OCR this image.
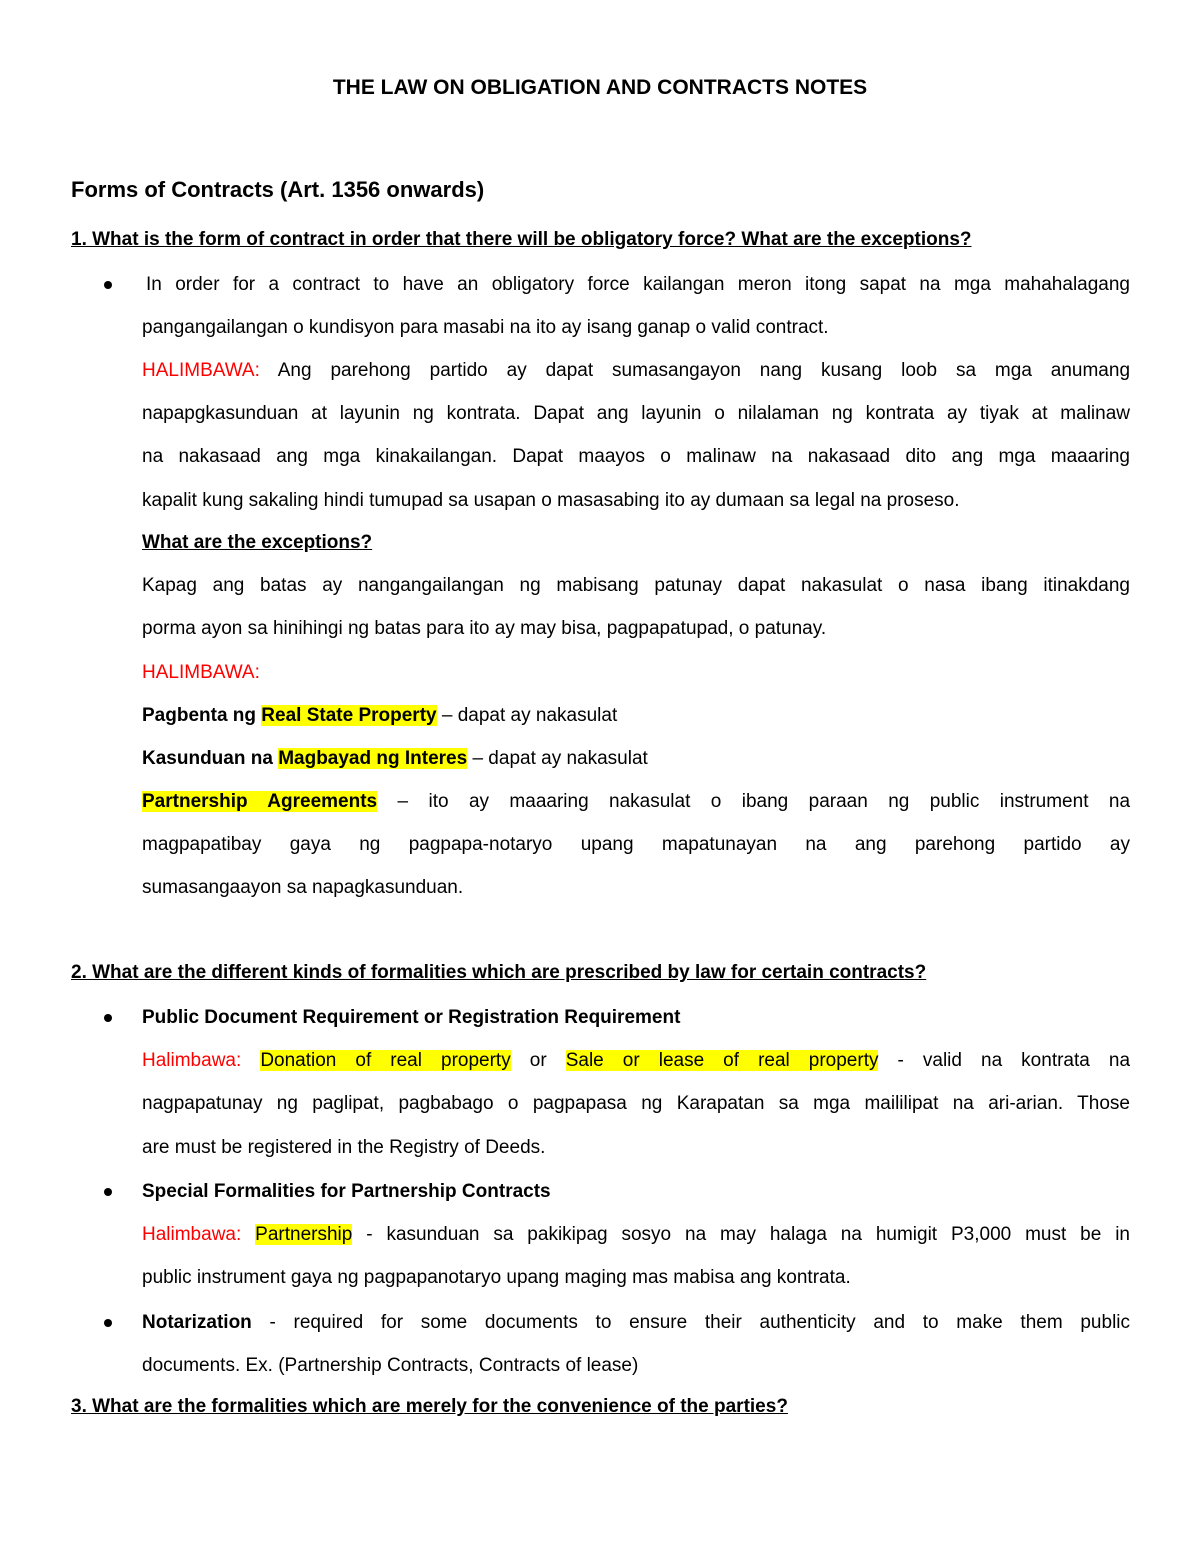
THE LAW ON OBLIGATION AND CONTRACTS NOTES
Forms of Contracts (Art. 1356 onwards)
1. What is the form of contract in order that there will be obligatory force? What are the exceptions?
In order for a contract to have an obligatory force kailangan meron itong sapat na mga mahahalagang
pangangailangan o kundisyon para masabi na ito ay isang ganap o valid contract.
HALIMBAWA: Ang parehong partido ay dapat sumasangayon nang kusang loob sa mga anumang
napapgkasunduan at layunin ng kontrata. Dapat ang layunin o nilalaman ng kontrata ay tiyak at malinaw
na nakasaad ang mga kinakailangan. Dapat maayos o malinaw na nakasaad dito ang mga maaaring
kapalit kung sakaling hindi tumupad sa usapan o masasabing ito ay dumaan sa legal na proseso.
What are the exceptions?
Kapag ang batas ay nangangailangan ng mabisang patunay dapat nakasulat o nasa ibang itinakdang
porma ayon sa hinihingi ng batas para ito ay may bisa, pagpapatupad, o patunay.
HALIMBAWA:
Pagbenta ng Real State Property – dapat ay nakasulat
Kasunduan na Magbayad ng Interes – dapat ay nakasulat
Partnership Agreements – ito ay maaaring nakasulat o ibang paraan ng public instrument na
magpapatibay gaya ng pagpapa-notaryo upang mapatunayan na ang parehong partido ay
sumasangaayon sa napagkasunduan.
2. What are the different kinds of formalities which are prescribed by law for certain contracts?
Public Document Requirement or Registration Requirement
Halimbawa: Donation of real property or Sale or lease of real property - valid na kontrata na
nagpapatunay ng paglipat, pagbabago o pagpapasa ng Karapatan sa mga maililipat na ari-arian. Those
are must be registered in the Registry of Deeds.
Special Formalities for Partnership Contracts
Halimbawa: Partnership - kasunduan sa pakikipag sosyo na may halaga na humigit P3,000 must be in
public instrument gaya ng pagpapanotaryo upang maging mas mabisa ang kontrata.
Notarization - required for some documents to ensure their authenticity and to make them public
documents. Ex. (Partnership Contracts, Contracts of lease)
3. What are the formalities which are merely for the convenience of the parties?
